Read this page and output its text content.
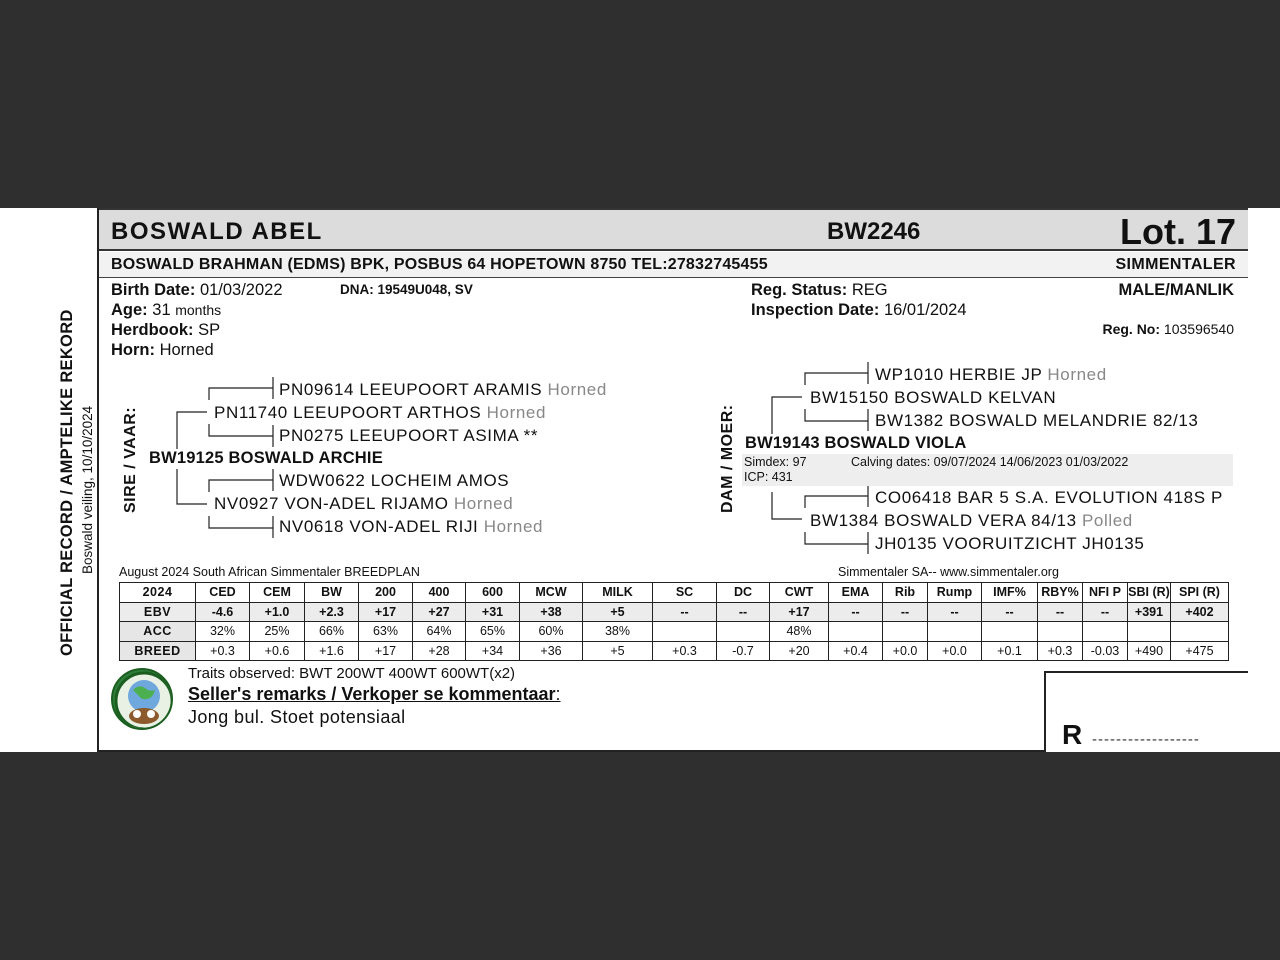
OFFICIAL RECORD / AMPTELIKE REKORD Boswald veiling, 10/10/2024
BOSWALD ABEL	BW2246	Lot. 17
BOSWALD BRAHMAN (EDMS) BPK, POSBUS 64 HOPETOWN 8750 TEL:27832745455	SIMMENTALER
Birth Date: 01/03/2022	DNA: 19549U048, SV
Age: 31 months
Herdbook: SP
Horn: Horned
Reg. Status: REG	MALE/MANLIK
Inspection Date: 16/01/2024
Reg. No: 103596540
SIRE / VAAR:
PN09614 LEEUPOORT ARAMIS Horned
PN11740 LEEUPOORT ARTHOS Horned
PN0275 LEEUPOORT ASIMA **
BW19125 BOSWALD ARCHIE
WDW0622 LOCHEIM AMOS
NV0927 VON-ADEL RIJAMO Horned
NV0618 VON-ADEL RIJI Horned
DAM / MOER:
WP1010 HERBIE JP Horned
BW15150 BOSWALD KELVAN
BW1382 BOSWALD MELANDRIE 82/13
BW19143 BOSWALD VIOLA
Simdex: 97
ICP: 431
Calving dates: 09/07/2024 14/06/2023 01/03/2022
CO06418 BAR 5 S.A. EVOLUTION 418S P
BW1384 BOSWALD VERA 84/13 Polled
JH0135 VOORUITZICHT JH0135
August 2024 South African Simmentaler BREEDPLAN	Simmentaler SA-- www.simmentaler.org
2024	CED	CEM	BW	200	400	600	MCW	MILK	SC	DC	CWT	EMA	Rib	Rump	IMF%	RBY%	NFI P	SBI (R)	SPI (R)
EBV	-4.6	+1.0	+2.3	+17	+27	+31	+38	+5	--	--	+17	--	--	--	--	--	--	+391	+402
ACC	32%	25%	66%	63%	64%	65%	60%	38%			48%								
BREED	+0.3	+0.6	+1.6	+17	+28	+34	+36	+5	+0.3	-0.7	+20	+0.4	+0.0	+0.0	+0.1	+0.3	-0.03	+490	+475
Traits observed: BWT 200WT 400WT 600WT(x2)
Seller's remarks / Verkoper se kommentaar:
Jong bul. Stoet potensiaal
R ------------------
